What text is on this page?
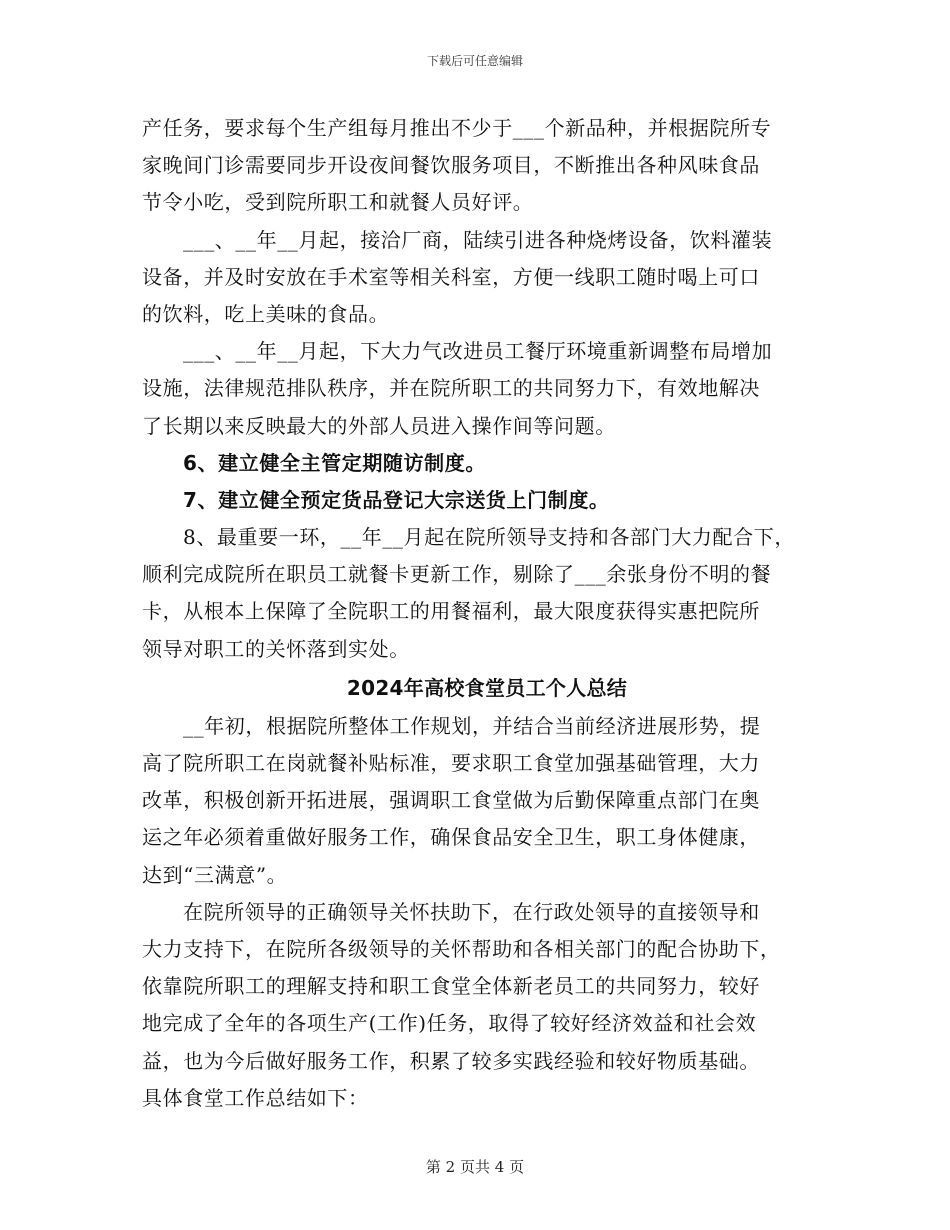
下载后可任意编辑
产任务，要求每个生产组每月推出不少于___个新品种，并根据院所专
家晚间门诊需要同步开设夜间餐饮服务项目，不断推出各种风味食品
节令小吃，受到院所职工和就餐人员好评。
___、__年__月起，接洽厂商，陆续引进各种烧烤设备，饮料灌装
设备，并及时安放在手术室等相关科室，方便一线职工随时喝上可口
的饮料，吃上美味的食品。
___、__年__月起，下大力气改进员工餐厅环境重新调整布局增加
设施，法律规范排队秩序，并在院所职工的共同努力下，有效地解决
了长期以来反映最大的外部人员进入操作间等问题。
6、建立健全主管定期随访制度。
7、建立健全预定货品登记大宗送货上门制度。
8、最重要一环，__年__月起在院所领导支持和各部门大力配合下，
顺利完成院所在职员工就餐卡更新工作，剔除了___余张身份不明的餐
卡，从根本上保障了全院职工的用餐福利，最大限度获得实惠把院所
领导对职工的关怀落到实处。
2024年高校食堂员工个人总结
__年初，根据院所整体工作规划，并结合当前经济进展形势，提
高了院所职工在岗就餐补贴标准，要求职工食堂加强基础管理，大力
改革，积极创新开拓进展，强调职工食堂做为后勤保障重点部门在奥
运之年必须着重做好服务工作，确保食品安全卫生，职工身体健康，
达到“三满意”。
在院所领导的正确领导关怀扶助下，在行政处领导的直接领导和
大力支持下，在院所各级领导的关怀帮助和各相关部门的配合协助下，
依靠院所职工的理解支持和职工食堂全体新老员工的共同努力，较好
地完成了全年的各项生产(工作)任务，取得了较好经济效益和社会效
益，也为今后做好服务工作，积累了较多实践经验和较好物质基础。
具体食堂工作总结如下：
第 2 页共 4 页
